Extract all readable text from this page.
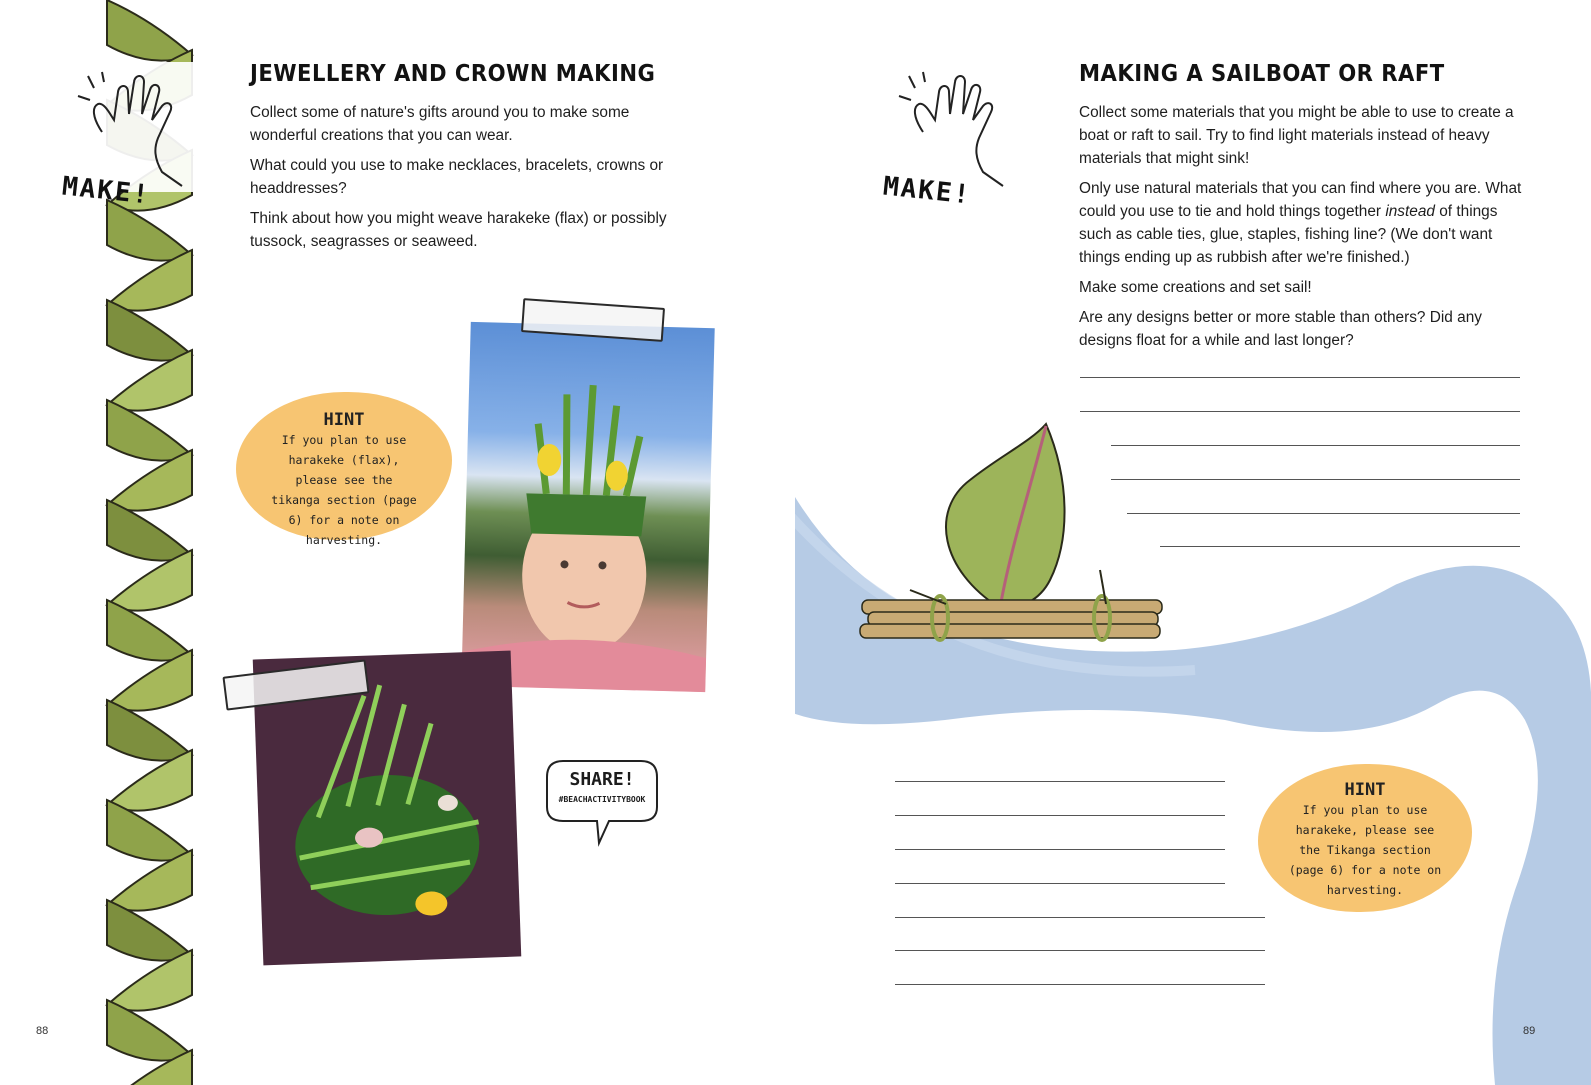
MAKE!
JEWELLERY AND CROWN MAKING

Collect some of nature's gifts around you to make some wonderful creations that you can wear.

What could you use to make necklaces, bracelets, crowns or headdresses?

Think about how you might weave harakeke (flax) or possibly tussock, seagrasses or seaweed.

HINT
If you plan to use harakeke (flax), please see the tikanga section (page 6) for a note on harvesting.
SHARE!
#BEACHACTIVITYBOOK
88
MAKE!
MAKING A SAILBOAT OR RAFT

Collect some materials that you might be able to use to create a boat or raft to sail. Try to find light materials instead of heavy materials that might sink!

Only use natural materials that you can find where you are. What could you use to tie and hold things together instead of things such as cable ties, glue, staples, fishing line? (We don't want things ending up as rubbish after we're finished.)

Make some creations and set sail!

Are any designs better or more stable than others? Did any designs float for a while and last longer?

HINT
If you plan to use harakeke, please see the Tikanga section (page 6) for a note on harvesting.
89
